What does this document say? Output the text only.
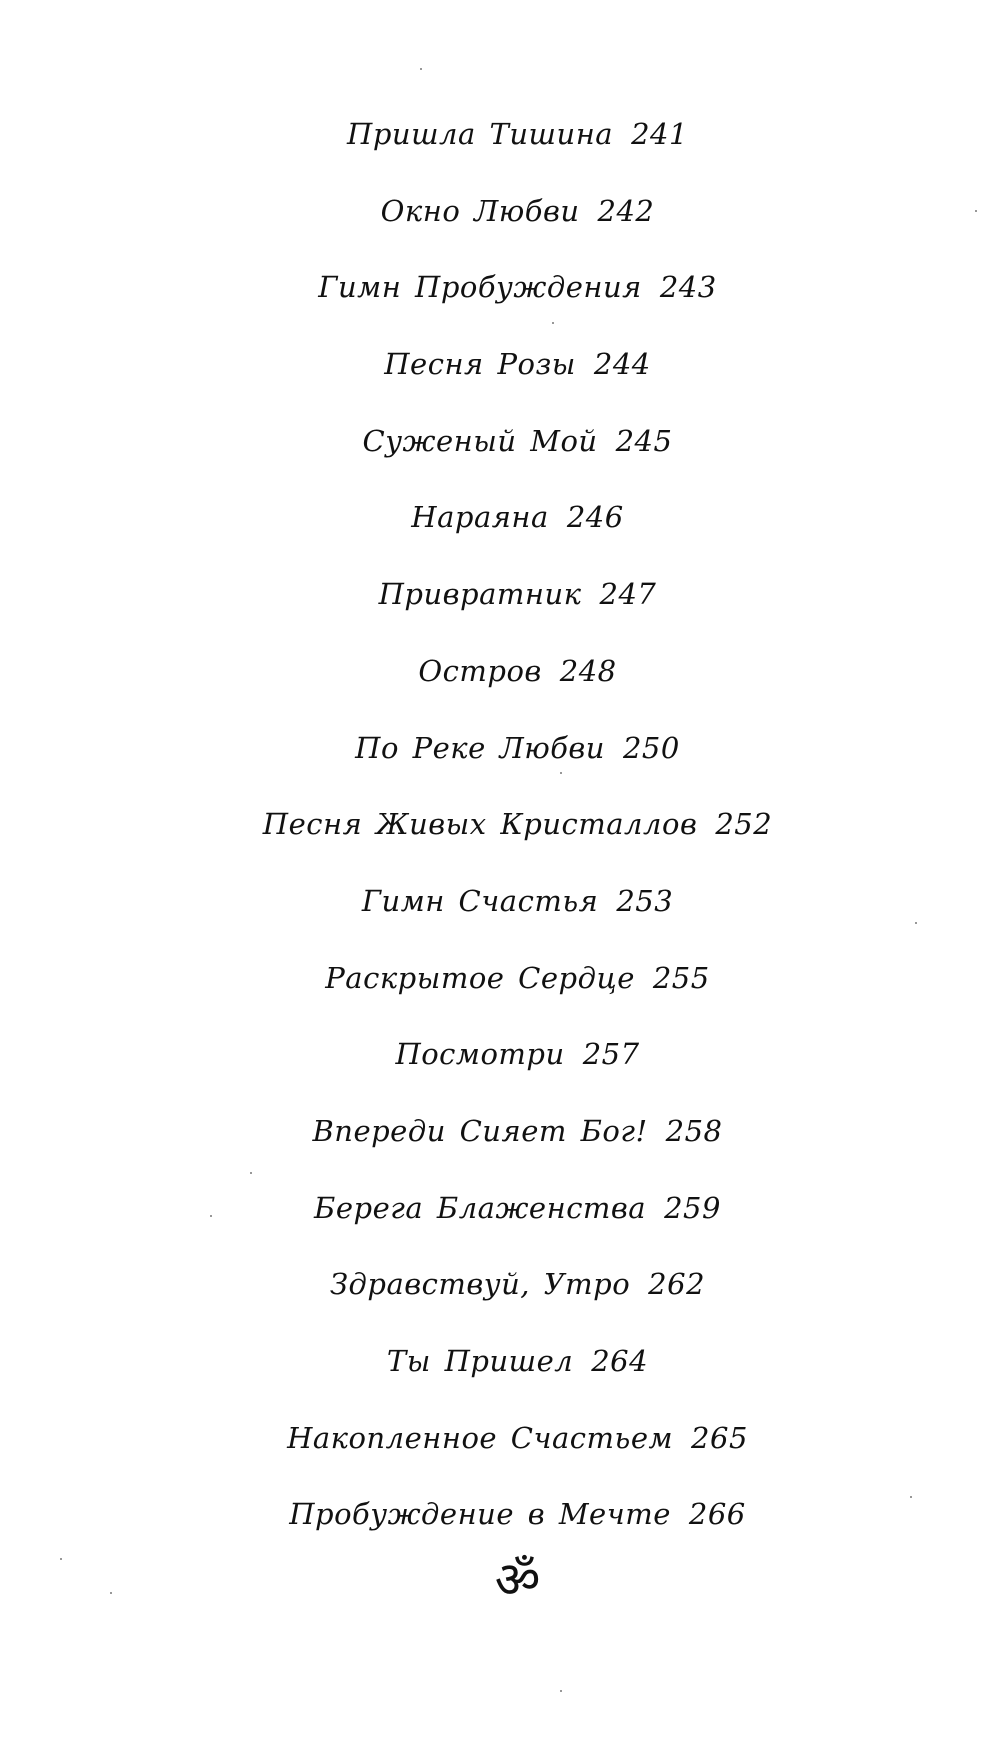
Пришла Тишина 241
Окно Любви 242
Гимн Пробуждения 243
Песня Розы 244
Суженый Мой 245
Нараяна 246
Привратник 247
Остров 248
По Реке Любви 250
Песня Живых Кристаллов 252
Гимн Счастья 253
Раскрытое Сердце 255
Посмотри 257
Впереди Сияет Бог! 258
Берега Блаженства 259
Здравствуй, Утро 262
Ты Пришел 264
Накопленное Счастьем 265
Пробуждение в Мечте 266
ॐ
